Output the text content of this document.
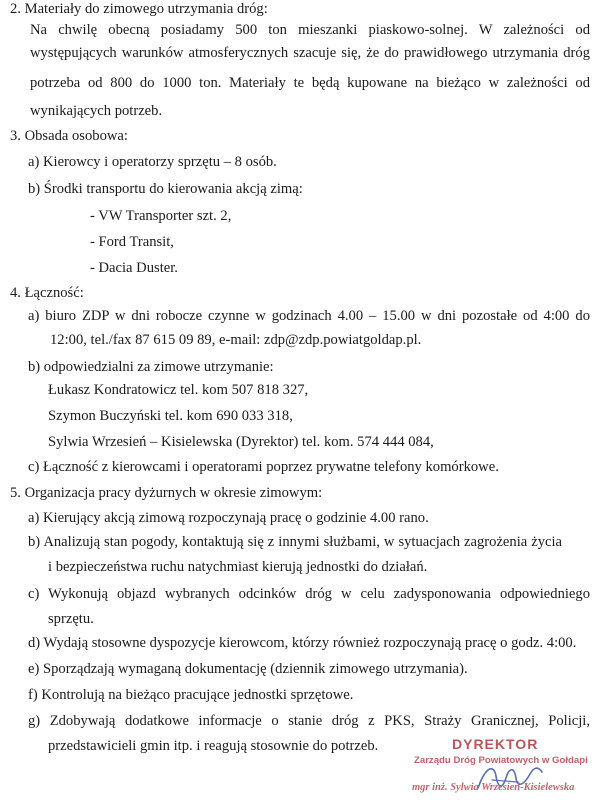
2. Materiały do zimowego utrzymania dróg:
Na chwilę obecną posiadamy 500 ton mieszanki piaskowo-solnej. W zależności od
występujących warunków atmosferycznych szacuje się, że do prawidłowego utrzymania dróg
potrzeba od 800 do 1000 ton. Materiały te będą kupowane na bieżąco w zależności od
wynikających potrzeb.
3. Obsada osobowa:
a) Kierowcy i operatorzy sprzętu – 8 osób.
b) Środki transportu do kierowania akcją zimą:
- VW Transporter szt. 2,
- Ford Transit,
- Dacia Duster.
4. Łączność:
a) biuro ZDP w dni robocze czynne w godzinach 4.00 – 15.00 w dni pozostałe od 4:00 do
12:00, tel./fax 87 615 09 89, e-mail: zdp@zdp.powiatgoldap.pl.
b) odpowiedzialni za zimowe utrzymanie:
Łukasz Kondratowicz tel. kom 507 818 327,
Szymon Buczyński tel. kom 690 033 318,
Sylwia Wrzesień – Kisielewska (Dyrektor) tel. kom. 574 444 084,
c) Łączność z kierowcami i operatorami poprzez prywatne telefony komórkowe.
5. Organizacja pracy dyżurnych w okresie zimowym:
a) Kierujący akcją zimową rozpoczynają pracę o godzinie 4.00 rano.
b) Analizują stan pogody, kontaktują się z innymi służbami, w sytuacjach zagrożenia życia
i bezpieczeństwa ruchu natychmiast kierują jednostki do działań.
c) Wykonują objazd wybranych odcinków dróg w celu zadysponowania odpowiedniego
sprzętu.
d) Wydają stosowne dyspozycje kierowcom, którzy również rozpoczynają pracę o godz. 4:00.
e) Sporządzają wymaganą dokumentację (dziennik zimowego utrzymania).
f) Kontrolują na bieżąco pracujące jednostki sprzętowe.
g) Zdobywają dodatkowe informacje o stanie dróg z PKS, Straży Granicznej, Policji,
przedstawicieli gmin itp. i reagują stosownie do potrzeb.	DYREKTOR
Zarządu Dróg Powiatowych w Gołdapi
mgr inż. Sylwia Wrzesień-Kisielewska
